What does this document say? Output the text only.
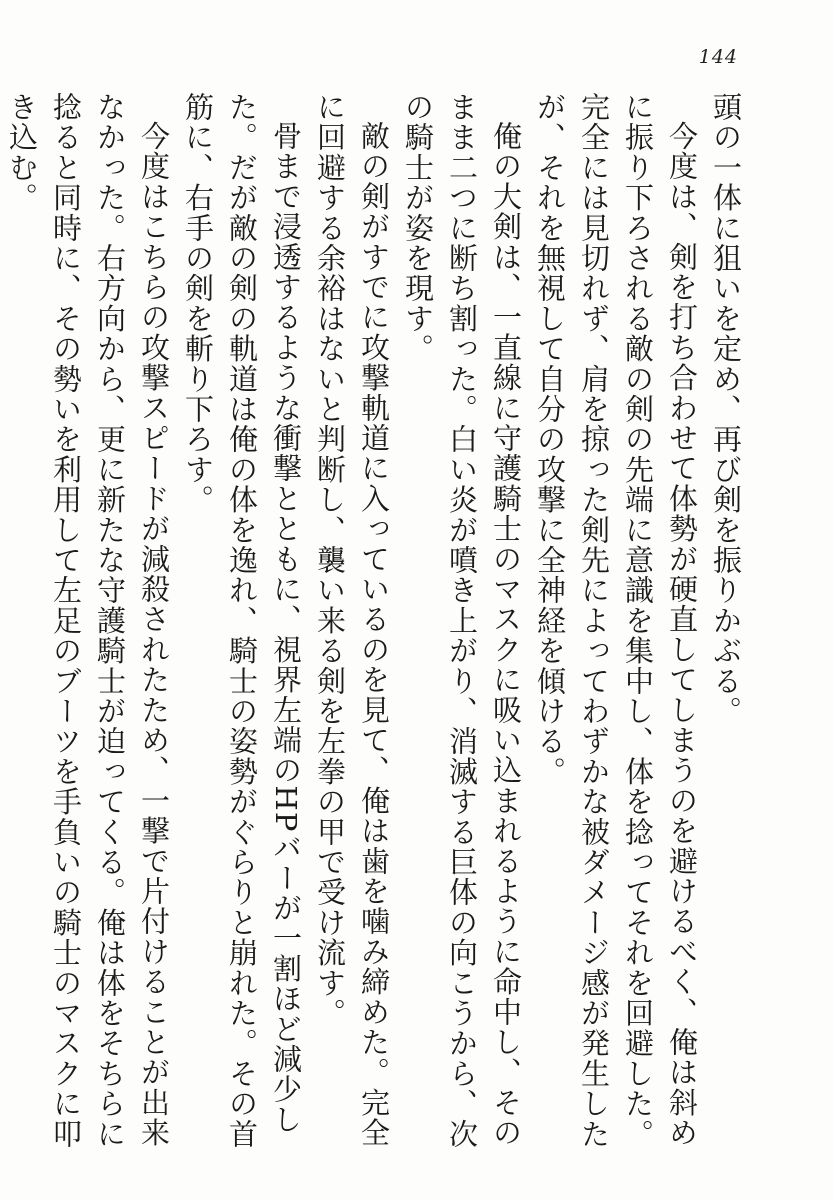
144

頭の一体に狙いを定め、再び剣を振りかぶる。

今度は、剣を打ち合わせて体勢が硬直してしまうのを避けるべく、俺は斜めに振り下ろされる敵の剣の先端に意識を集中し、体を捻ってそれを回避した。完全には見切れず、肩を掠った剣先によってわずかな被ダメージ感が発生したが、それを無視して自分の攻撃に全神経を傾ける。

俺の大剣は、一直線に守護騎士のマスクに吸い込まれるように命中し、そのまま二つに断ち割った。白い炎が噴き上がり、消滅する巨体の向こうから、次の騎士が姿を現す。

敵の剣がすでに攻撃軌道に入っているのを見て、俺は歯を噛み締めた。完全に回避する余裕はないと判断し、襲い来る剣を左拳の甲で受け流す。

骨まで浸透するような衝撃とともに、視界左端のHPバーが一割ほど減少した。だが敵の剣の軌道は俺の体を逸れ、騎士の姿勢がぐらりと崩れた。その首筋に、右手の剣を斬り下ろす。

今度はこちらの攻撃スピードが減殺されたため、一撃で片付けることが出来なかった。右方向から、更に新たな守護騎士が迫ってくる。俺は体をそちらに捻ると同時に、その勢いを利用して左足のブーツを手負いの騎士のマスクに叩き込む。
